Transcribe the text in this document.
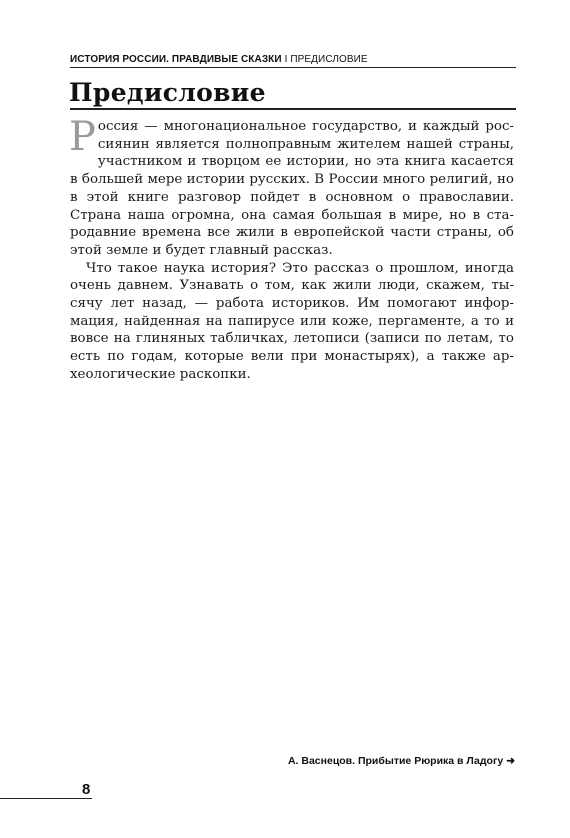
ИСТОРИЯ РОССИИ. ПРАВДИВЫЕ СКАЗКИ I ПРЕДИСЛОВИЕ
Предисловие

Россия — многонациональное государство, и каждый россиянин является полноправным жителем нашей страны, участником и творцом ее истории, но эта книга касается в большей мере истории русских. В России много религий, но в этой книге разговор пойдет в основном о православии. Страна наша огромна, она самая большая в мире, но в стародавние времена все жили в европейской части страны, об этой земле и будет главный рассказ.

Что такое наука история? Это рассказ о прошлом, иногда очень давнем. Узнавать о том, как жили люди, скажем, тысячу лет назад, — работа историков. Им помогают информация, найденная на папирусе или коже, пергаменте, а то и вовсе на глиняных табличках, летописи (записи по летам, то есть по годам, которые вели при монастырях), а также археологические раскопки.

А. Васнецов. Прибытие Рюрика в Ладогу ➜
8
